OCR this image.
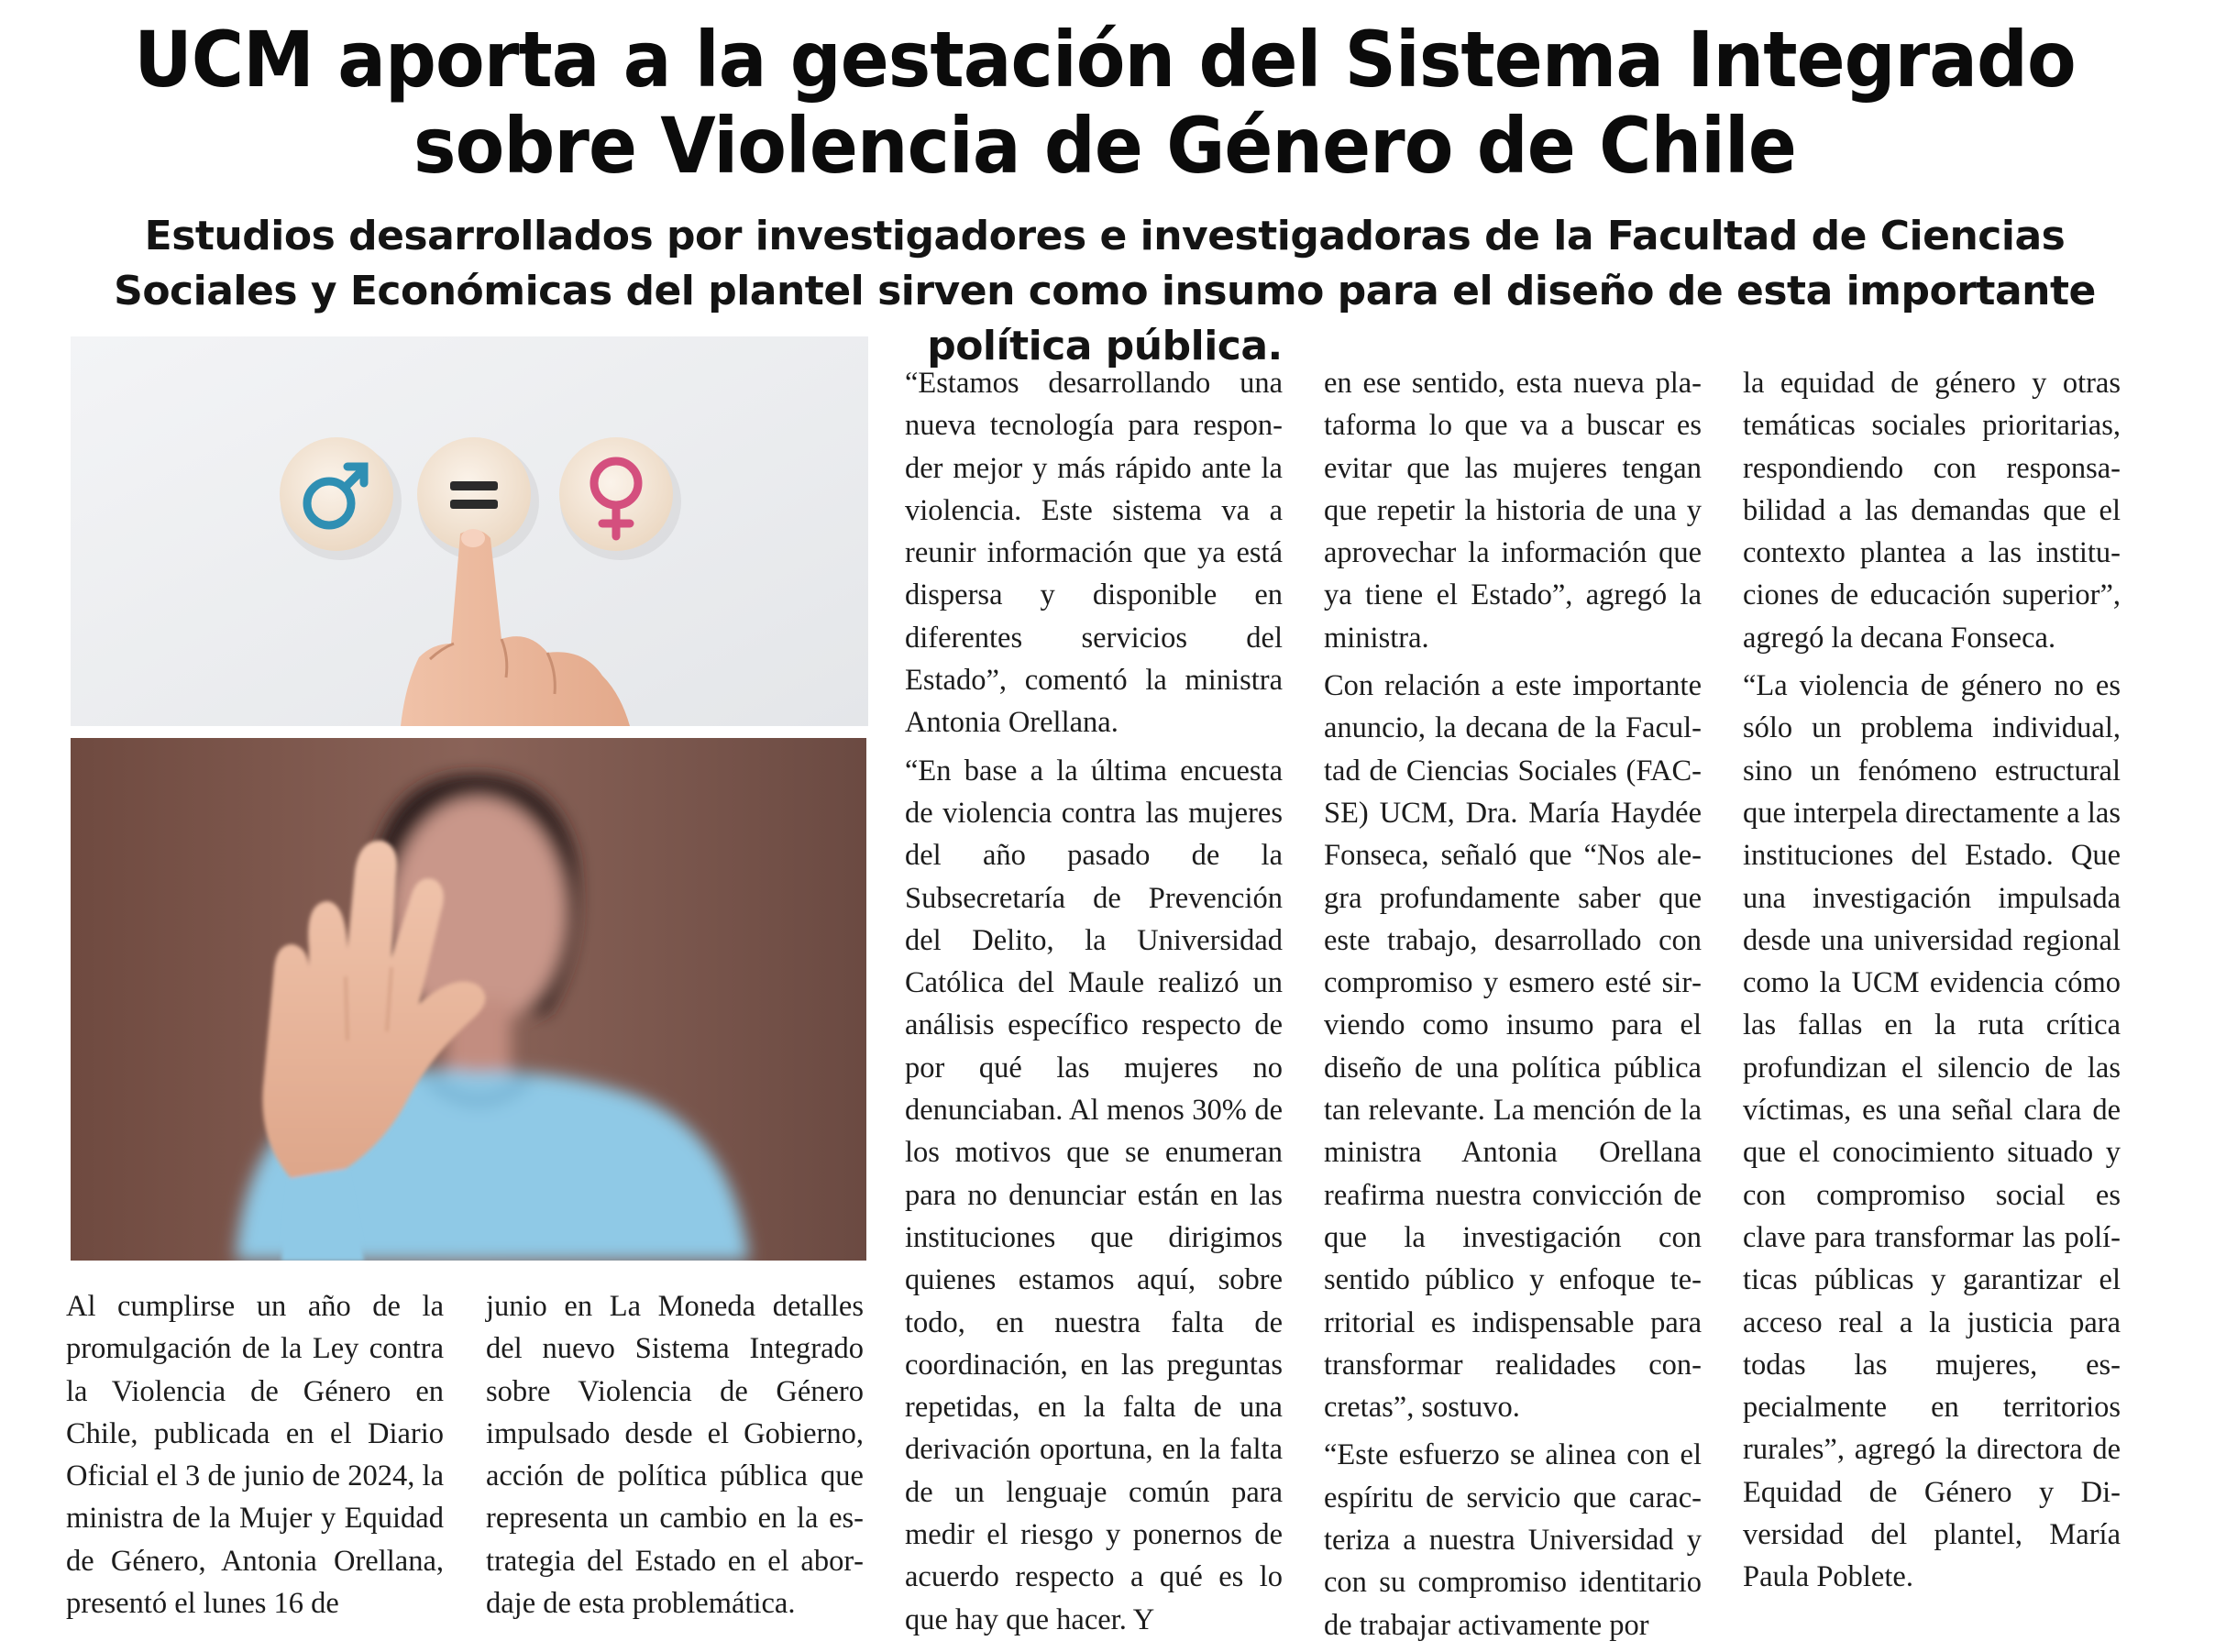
UCM aporta a la gestación del Sistema Integrado sobre Violencia de Género de Chile
Estudios desarrollados por investigadores e investigadoras de la Facultad de Ciencias Sociales y Económicas del plantel sirven como insumo para el diseño de esta importante política pública.

Al cumplirse un año de la promulgación de la Ley contra la Violencia de Género en Chile, publicada en el Diario Oficial el 3 de junio de 2024, la ministra de la Mujer y Equidad de Género, Antonia Orellana, presentó el lunes 16 de

junio en La Moneda detalles del nuevo Sistema Integrado sobre Violencia de Género impulsado desde el Gobierno, acción de política pública que representa un cambio en la estrategia del Estado en el abordaje de esta problemática.

“Estamos desarrollando una nueva tecnología para responder mejor y más rápido ante la violencia. Este sistema va a reunir información que ya está dispersa y disponible en diferentes servicios del Estado”, comentó la ministra Antonia Orellana.

“En base a la última encuesta de violencia contra las mujeres del año pasado de la Subsecretaría de Prevención del Delito, la Universidad Católica del Maule realizó un análisis específico respecto de por qué las mujeres no denunciaban. Al menos 30% de los motivos que se enumeran para no denunciar están en las instituciones que dirigimos quienes estamos aquí, sobre todo, en nuestra falta de coordinación, en las preguntas repetidas, en la falta de una derivación oportuna, en la falta de un lenguaje común para medir el riesgo y ponernos de acuerdo respecto a qué es lo que hay que hacer. Y

en ese sentido, esta nueva plataforma lo que va a buscar es evitar que las mujeres tengan que repetir la historia de una y aprovechar la información que ya tiene el Estado”, agregó la ministra.

Con relación a este importante anuncio, la decana de la Facultad de Ciencias Sociales (FACSE) UCM, Dra. María Haydée Fonseca, señaló que “Nos alegra profundamente saber que este trabajo, desarrollado con compromiso y esmero esté sirviendo como insumo para el diseño de una política pública tan relevante. La mención de la ministra Antonia Orellana reafirma nuestra convicción de que la investigación con sentido público y enfoque territorial es indispensable para transformar realidades concretas”, sostuvo.

“Este esfuerzo se alinea con el espíritu de servicio que caracteriza a nuestra Universidad y con su compromiso identitario de trabajar activamente por

la equidad de género y otras temáticas sociales prioritarias, respondiendo con responsabilidad a las demandas que el contexto plantea a las instituciones de educación superior”, agregó la decana Fonseca.

“La violencia de género no es sólo un problema individual, sino un fenómeno estructural que interpela directamente a las instituciones del Estado. Que una investigación impulsada desde una universidad regional como la UCM evidencia cómo las fallas en la ruta crítica profundizan el silencio de las víctimas, es una señal clara de que el conocimiento situado y con compromiso social es clave para transformar las políticas públicas y garantizar el acceso real a la justicia para todas las mujeres, especialmente en territorios rurales”, agregó la directora de Equidad de Género y Diversidad del plantel, María Paula Poblete.
